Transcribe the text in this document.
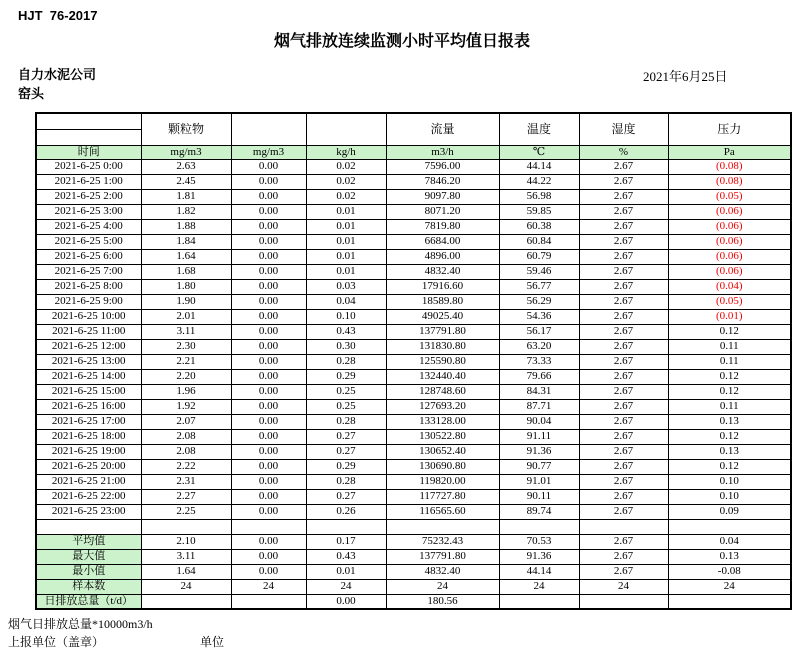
HJT  76-2017
烟气排放连续监测小时平均值日报表
自力水泥公司
窑头
2021年6月25日
	颗粒物			流量	温度	湿度	压力
时间	mg/m3	mg/m3	kg/h	m3/h	℃	%	Pa
2021-6-25 0:00	2.63	0.00	0.02	7596.00	44.14	2.67	(0.08)
2021-6-25 1:00	2.45	0.00	0.02	7846.20	44.22	2.67	(0.08)
2021-6-25 2:00	1.81	0.00	0.02	9097.80	56.98	2.67	(0.05)
2021-6-25 3:00	1.82	0.00	0.01	8071.20	59.85	2.67	(0.06)
2021-6-25 4:00	1.88	0.00	0.01	7819.80	60.38	2.67	(0.06)
2021-6-25 5:00	1.84	0.00	0.01	6684.00	60.84	2.67	(0.06)
2021-6-25 6:00	1.64	0.00	0.01	4896.00	60.79	2.67	(0.06)
2021-6-25 7:00	1.68	0.00	0.01	4832.40	59.46	2.67	(0.06)
2021-6-25 8:00	1.80	0.00	0.03	17916.60	56.77	2.67	(0.04)
2021-6-25 9:00	1.90	0.00	0.04	18589.80	56.29	2.67	(0.05)
2021-6-25 10:00	2.01	0.00	0.10	49025.40	54.36	2.67	(0.01)
2021-6-25 11:00	3.11	0.00	0.43	137791.80	56.17	2.67	0.12
2021-6-25 12:00	2.30	0.00	0.30	131830.80	63.20	2.67	0.11
2021-6-25 13:00	2.21	0.00	0.28	125590.80	73.33	2.67	0.11
2021-6-25 14:00	2.20	0.00	0.29	132440.40	79.66	2.67	0.12
2021-6-25 15:00	1.96	0.00	0.25	128748.60	84.31	2.67	0.12
2021-6-25 16:00	1.92	0.00	0.25	127693.20	87.71	2.67	0.11
2021-6-25 17:00	2.07	0.00	0.28	133128.00	90.04	2.67	0.13
2021-6-25 18:00	2.08	0.00	0.27	130522.80	91.11	2.67	0.12
2021-6-25 19:00	2.08	0.00	0.27	130652.40	91.36	2.67	0.13
2021-6-25 20:00	2.22	0.00	0.29	130690.80	90.77	2.67	0.12
2021-6-25 21:00	2.31	0.00	0.28	119820.00	91.01	2.67	0.10
2021-6-25 22:00	2.27	0.00	0.27	117727.80	90.11	2.67	0.10
2021-6-25 23:00	2.25	0.00	0.26	116565.60	89.74	2.67	0.09

平均值	2.10	0.00	0.17	75232.43	70.53	2.67	0.04
最大值	3.11	0.00	0.43	137791.80	91.36	2.67	0.13
最小值	1.64	0.00	0.01	4832.40	44.14	2.67	-0.08
样本数	24	24	24	24	24	24	24
日排放总量（t/d）			0.00	180.56			
烟气日排放总量*10000m3/h
上报单位（盖章）	单位
